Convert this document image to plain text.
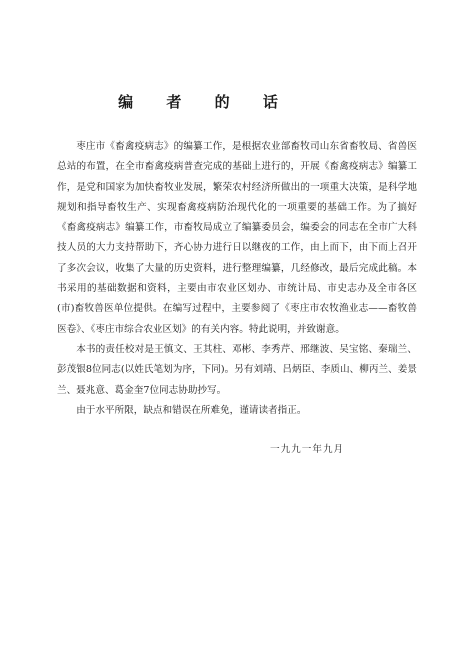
编 者 的 话

枣庄市《畜禽疫病志》的编纂工作，是根据农业部畜牧司山东省畜牧局、省兽医总站的布置，在全市畜禽疫病普查完成的基础上进行的，开展《畜禽疫病志》编纂工作，是党和国家为加快畜牧业发展，繁荣农村经济所做出的一项重大决策，是科学地规划和指导畜牧生产、实现畜禽疫病防治现代化的一项重要的基础工作。为了搞好《畜禽疫病志》编纂工作，市畜牧局成立了编纂委员会，编委会的同志在全市广大科技人员的大力支持帮助下，齐心协力进行日以继夜的工作，由上而下，由下而上召开了多次会议，收集了大量的历史资料，进行整理编纂，几经修改，最后完成此稿。本书采用的基础数据和资料，主要由市农业区划办、市统计局、市史志办及全市各区(市)畜牧兽医单位提供。在编写过程中，主要参阅了《枣庄市农牧渔业志——畜牧兽医卷》、《枣庄市综合农业区划》的有关内容。特此说明，并致谢意。

本书的责任校对是王慎文、王其柱、邓彬、李秀芹、邢继波、吴宝铭、秦瑞兰、彭茂银8位同志(以姓氏笔划为序，下同)。另有刘靖、吕炳臣、李质山、柳丙兰、姜景兰、聂兆意、葛金奎7位同志协助抄写。

由于水平所限，缺点和错误在所难免，谨请读者指正。

一九九一年九月
